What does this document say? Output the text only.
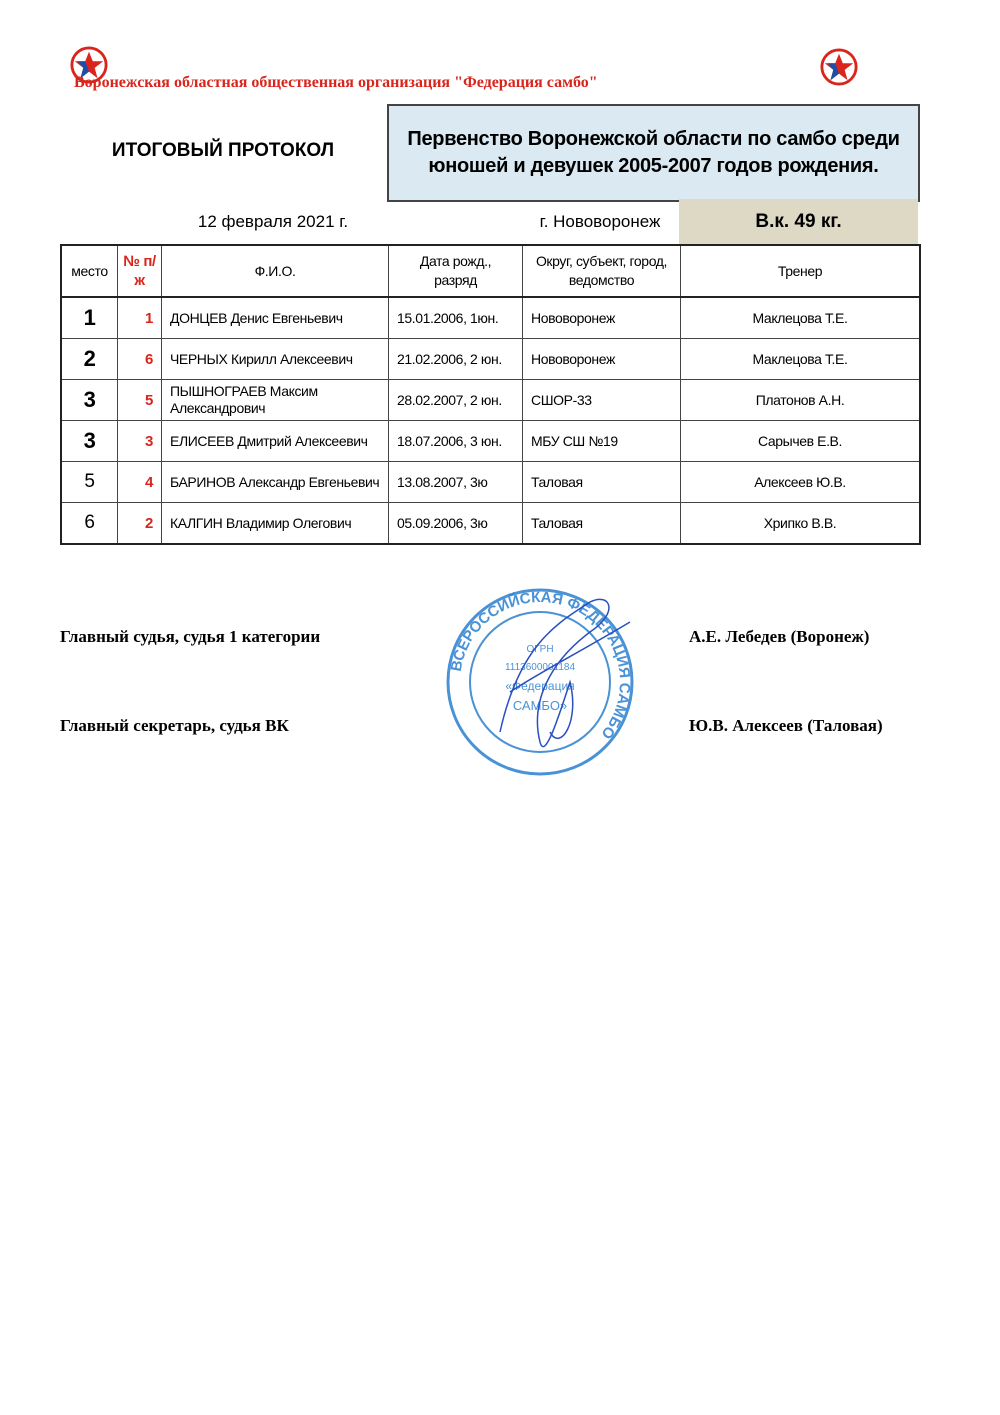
Воронежская областная общественная организация "Федерация самбо"
ИТОГОВЫЙ ПРОТОКОЛ
Первенство Воронежской области по самбо среди
юношей и девушек 2005-2007 годов рождения.
12 февраля 2021 г.	г. Нововоронеж	В.к. 49 кг.
место	№ п/ж	Ф.И.О.	Дата рожд., разряд	Округ, субъект, город, ведомство	Тренер
1	1	ДОНЦЕВ Денис Евгеньевич	15.01.2006, 1юн.	Нововоронеж	Маклецова Т.Е.
2	6	ЧЕРНЫХ Кирилл Алексеевич	21.02.2006, 2 юн.	Нововоронеж	Маклецова Т.Е.
3	5	ПЫШНОГРАЕВ Максим Александрович	28.02.2007, 2 юн.	СШОР-33	Платонов А.Н.
3	3	ЕЛИСЕЕВ Дмитрий Алексеевич	18.07.2006, 3 юн.	МБУ СШ №19	Сарычев Е.В.
5	4	БАРИНОВ Александр Евгеньевич	13.08.2007, 3ю	Таловая	Алексеев Ю.В.
6	2	КАЛГИН Владимир Олегович	05.09.2006, 3ю	Таловая	Хрипко В.В.
Главный судья, судья 1 категории	А.Е. Лебедев (Воронеж)
Главный секретарь, судья ВК	Ю.В. Алексеев (Таловая)
ВСЕРОССИЙСКАЯ ФЕДЕРАЦИЯ САМБО
ОГРН
1113600001184
«Федерация
САМБО»
